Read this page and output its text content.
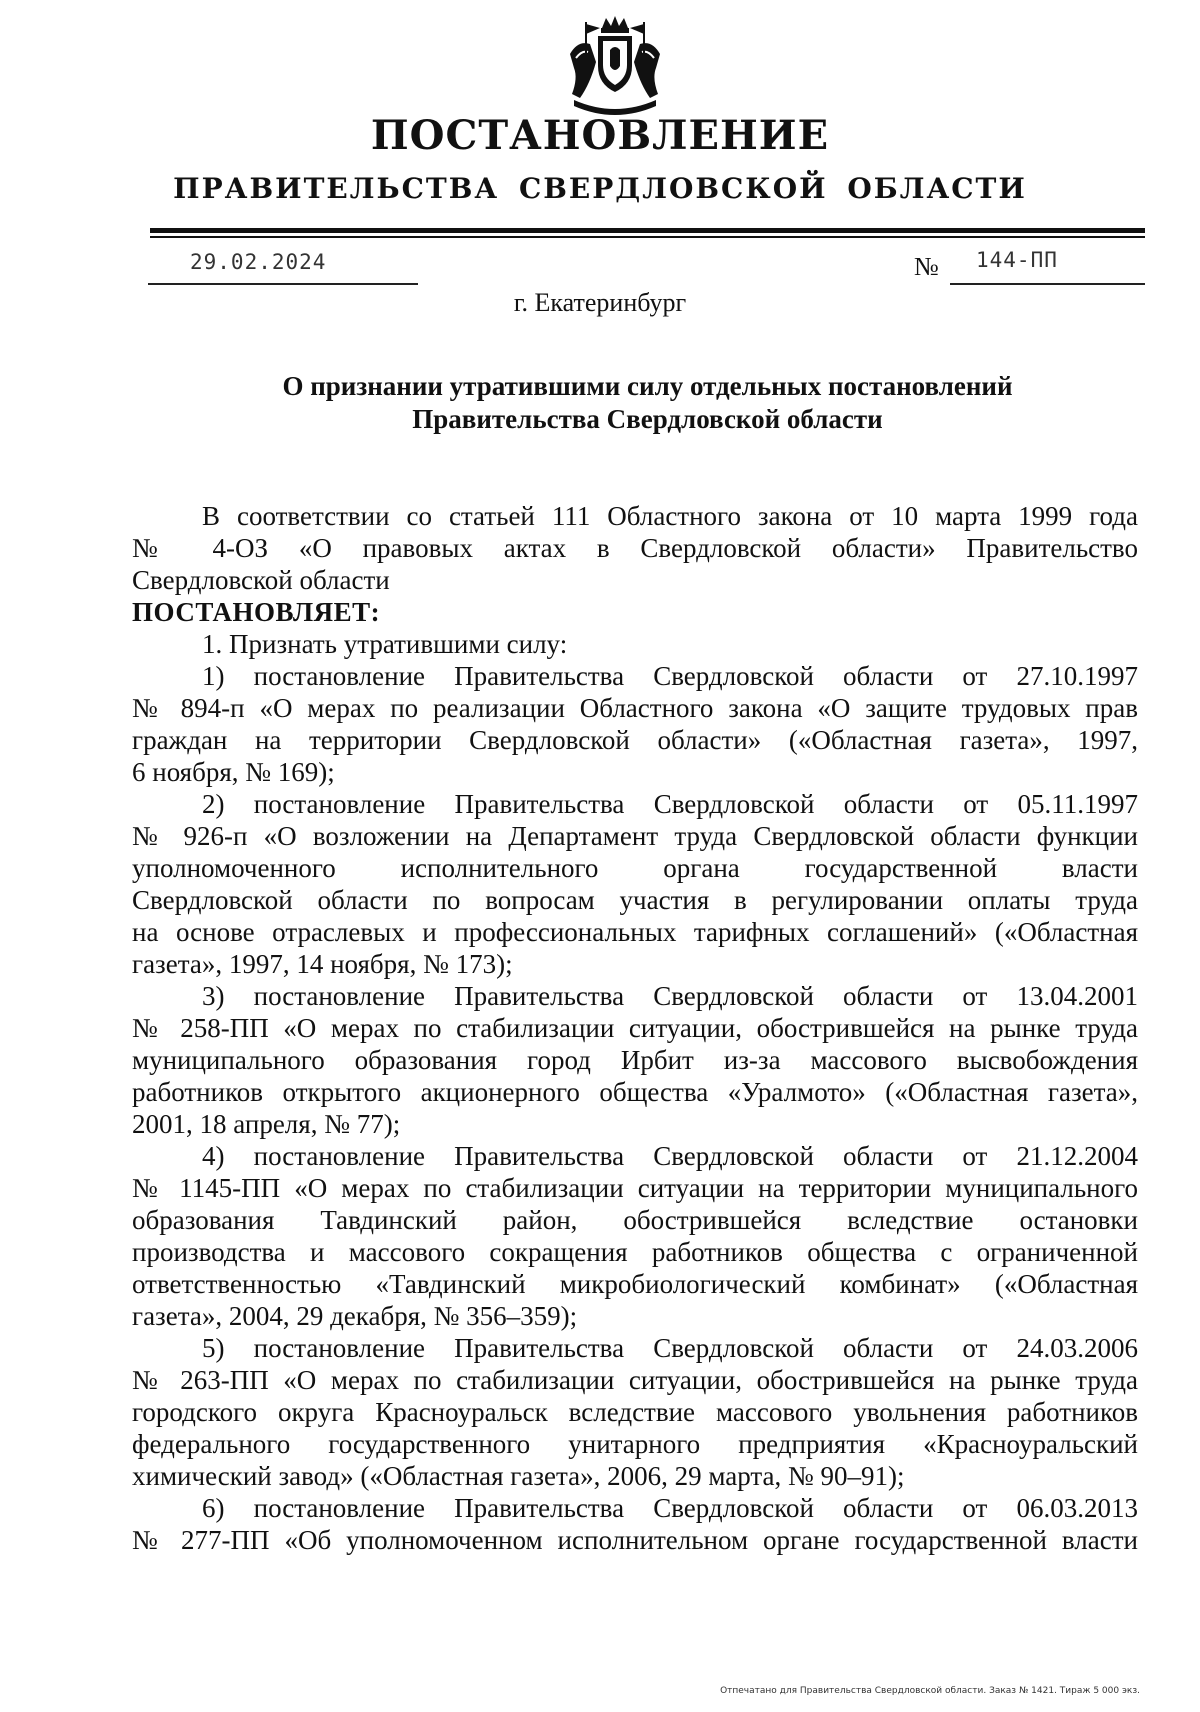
ПОСТАНОВЛЕНИЕ
ПРАВИТЕЛЬСТВА СВЕРДЛОВСКОЙ ОБЛАСТИ
29.02.2024	№ 144-ПП
г. Екатеринбург
О признании утратившими силу отдельных постановлений
Правительства Свердловской области

В соответствии со статьей 111 Областного закона от 10 марта 1999 года

№ 4-ОЗ «О правовых актах в Свердловской области» Правительство

Свердловской области

ПОСТАНОВЛЯЕТ:

1. Признать утратившими силу:

1) постановление Правительства Свердловской области от 27.10.1997

№ 894-п «О мерах по реализации Областного закона «О защите трудовых прав

граждан на территории Свердловской области» («Областная газета», 1997,

6 ноября, № 169);

2) постановление Правительства Свердловской области от 05.11.1997

№ 926-п «О возложении на Департамент труда Свердловской области функции

уполномоченного исполнительного органа государственной власти

Свердловской области по вопросам участия в регулировании оплаты труда

на основе отраслевых и профессиональных тарифных соглашений» («Областная

газета», 1997, 14 ноября, № 173);

3) постановление Правительства Свердловской области от 13.04.2001

№ 258-ПП «О мерах по стабилизации ситуации, обострившейся на рынке труда

муниципального образования город Ирбит из-за массового высвобождения

работников открытого акционерного общества «Уралмото» («Областная газета»,

2001, 18 апреля, № 77);

4) постановление Правительства Свердловской области от 21.12.2004

№ 1145-ПП «О мерах по стабилизации ситуации на территории муниципального

образования Тавдинский район, обострившейся вследствие остановки

производства и массового сокращения работников общества с ограниченной

ответственностью «Тавдинский микробиологический комбинат» («Областная

газета», 2004, 29 декабря, № 356–359);

5) постановление Правительства Свердловской области от 24.03.2006

№ 263-ПП «О мерах по стабилизации ситуации, обострившейся на рынке труда

городского округа Красноуральск вследствие массового увольнения работников

федерального государственного унитарного предприятия «Красноуральский

химический завод» («Областная газета», 2006, 29 марта, № 90–91);

6) постановление Правительства Свердловской области от 06.03.2013

№ 277-ПП «Об уполномоченном исполнительном органе государственной власти

Отпечатано для Правительства Свердловской области. Заказ № 1421. Тираж 5 000 экз.
